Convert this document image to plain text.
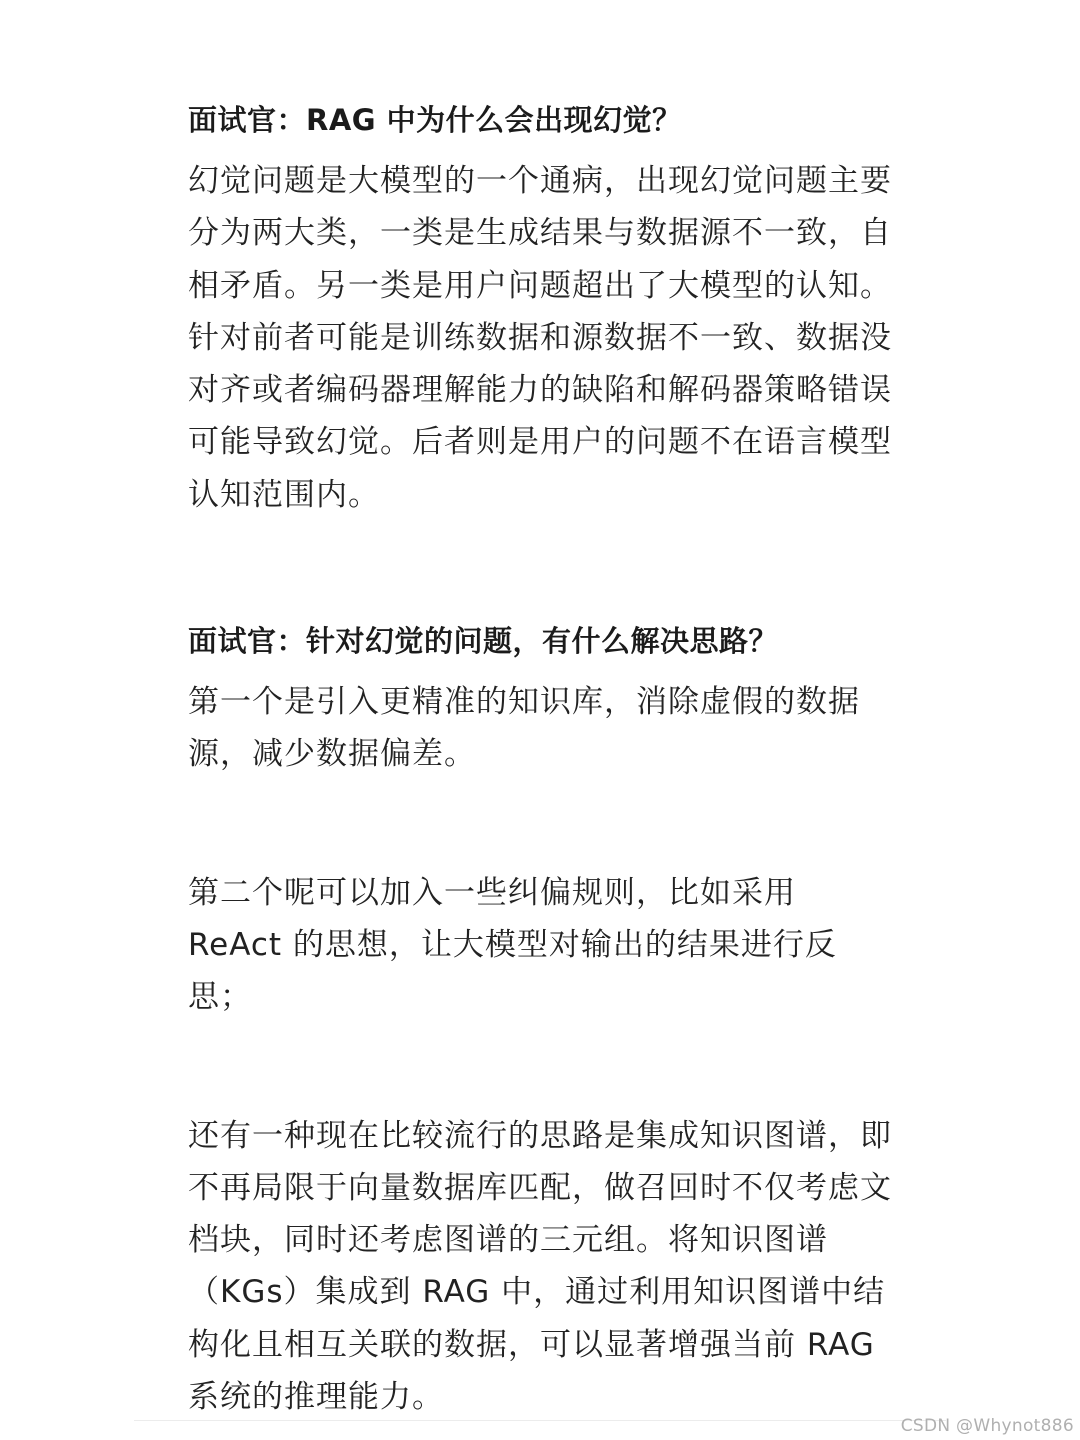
面试官：RAG 中为什么会出现幻觉？

幻觉问题是大模型的一个通病，出现幻觉问题主要分为两大类，一类是生成结果与数据源不一致，自相矛盾。另一类是用户问题超出了大模型的认知。针对前者可能是训练数据和源数据不一致、数据没对齐或者编码器理解能力的缺陷和解码器策略错误可能导致幻觉。后者则是用户的问题不在语言模型认知范围内。

面试官：针对幻觉的问题，有什么解决思路？

第一个是引入更精准的知识库，消除虚假的数据源，减少数据偏差。

第二个呢可以加入一些纠偏规则，比如采用 ReAct 的思想，让大模型对输出的结果进行反思；

还有一种现在比较流行的思路是集成知识图谱，即不再局限于向量数据库匹配，做召回时不仅考虑文档块，同时还考虑图谱的三元组。将知识图谱（KGs）集成到 RAG 中，通过利用知识图谱中结构化且相互关联的数据，可以显著增强当前 RAG 系统的推理能力。

CSDN @Whynot886
